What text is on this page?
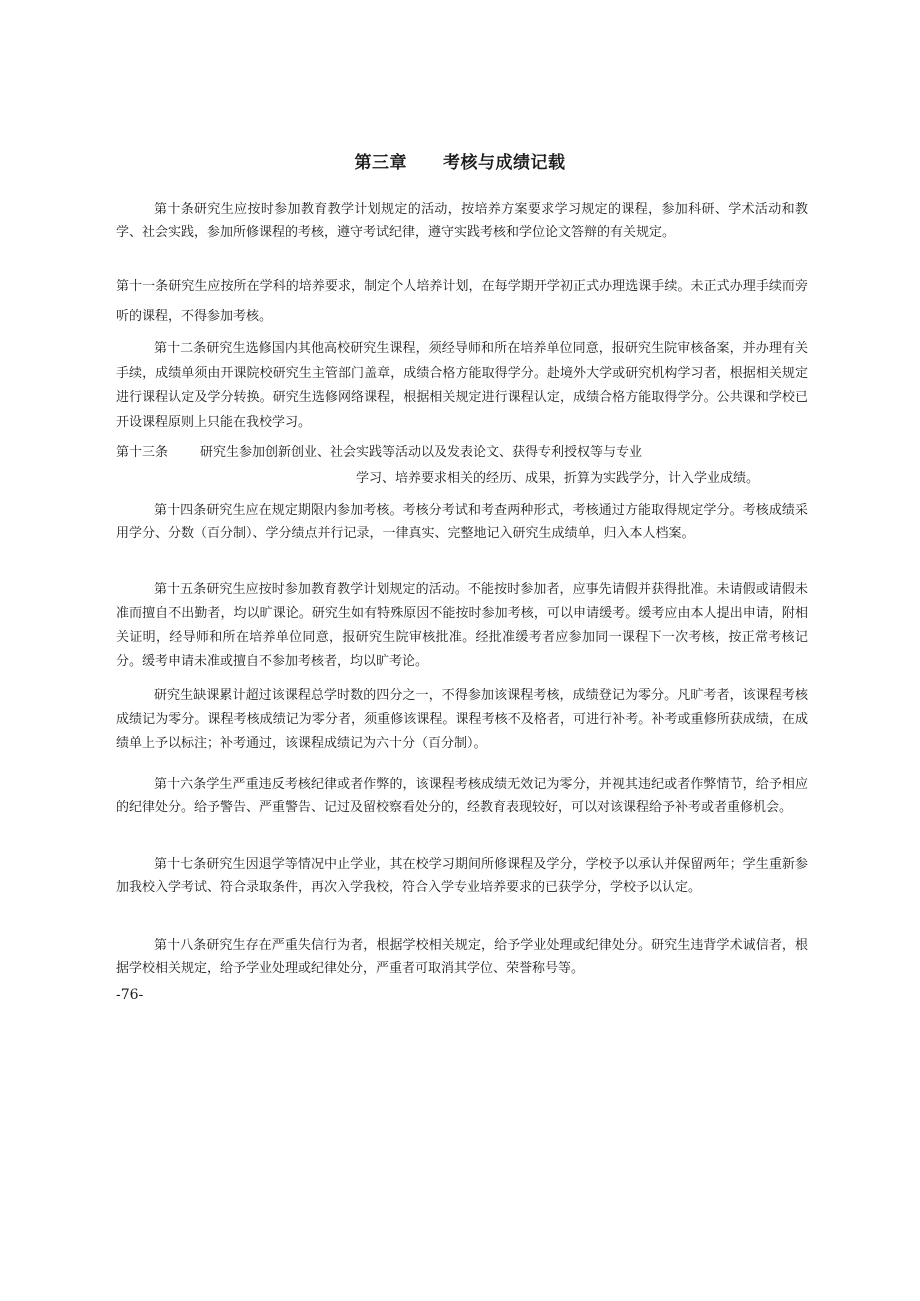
第三章 考核与成绩记载

第十条研究生应按时参加教育教学计划规定的活动，按培养方案要求学习规定的课程，参加科研、学术活动和教学、社会实践，参加所修课程的考核，遵守考试纪律，遵守实践考核和学位论文答辩的有关规定。

第十一条研究生应按所在学科的培养要求，制定个人培养计划，在每学期开学初正式办理选课手续。未正式办理手续而旁听的课程，不得参加考核。

第十二条研究生选修国内其他高校研究生课程，须经导师和所在培养单位同意，报研究生院审核备案，并办理有关手续，成绩单须由开课院校研究生主管部门盖章，成绩合格方能取得学分。赴境外大学或研究机构学习者，根据相关规定进行课程认定及学分转换。研究生选修网络课程，根据相关规定进行课程认定，成绩合格方能取得学分。公共课和学校已开设课程原则上只能在我校学习。

第十三条 研究生参加创新创业、社会实践等活动以及发表论文、获得专利授权等与专业
学习、培养要求相关的经历、成果，折算为实践学分，计入学业成绩。

第十四条研究生应在规定期限内参加考核。考核分考试和考查两种形式，考核通过方能取得规定学分。考核成绩采用学分、分数（百分制）、学分绩点并行记录，一律真实、完整地记入研究生成绩单，归入本人档案。

第十五条研究生应按时参加教育教学计划规定的活动。不能按时参加者，应事先请假并获得批准。未请假或请假未准而擅自不出勤者，均以旷课论。研究生如有特殊原因不能按时参加考核，可以申请缓考。缓考应由本人提出申请，附相关证明，经导师和所在培养单位同意，报研究生院审核批准。经批准缓考者应参加同一课程下一次考核，按正常考核记分。缓考申请未准或擅自不参加考核者，均以旷考论。

研究生缺课累计超过该课程总学时数的四分之一，不得参加该课程考核，成绩登记为零分。凡旷考者，该课程考核成绩记为零分。课程考核成绩记为零分者，须重修该课程。课程考核不及格者，可进行补考。补考或重修所获成绩，在成绩单上予以标注；补考通过，该课程成绩记为六十分（百分制）。

第十六条学生严重违反考核纪律或者作弊的，该课程考核成绩无效记为零分，并视其违纪或者作弊情节，给予相应的纪律处分。给予警告、严重警告、记过及留校察看处分的，经教育表现较好，可以对该课程给予补考或者重修机会。

第十七条研究生因退学等情况中止学业，其在校学习期间所修课程及学分，学校予以承认并保留两年；学生重新参加我校入学考试、符合录取条件，再次入学我校，符合入学专业培养要求的已获学分，学校予以认定。

第十八条研究生存在严重失信行为者，根据学校相关规定，给予学业处理或纪律处分。研究生违背学术诚信者，根据学校相关规定，给予学业处理或纪律处分，严重者可取消其学位、荣誉称号等。

-76-
